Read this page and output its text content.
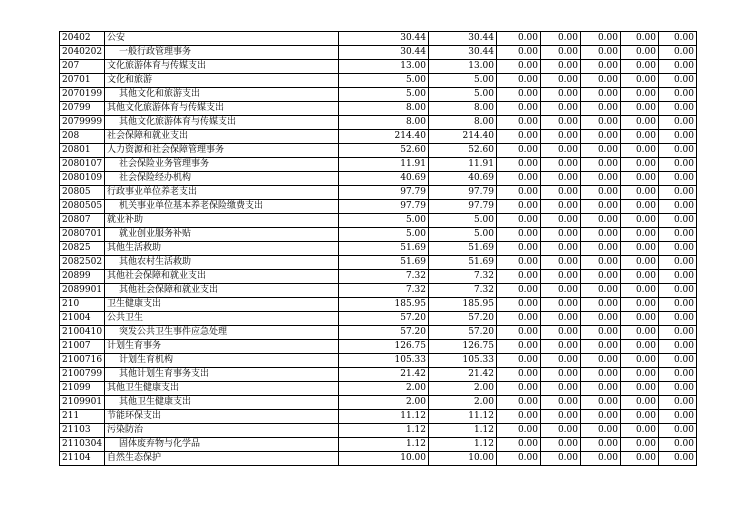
20402	公安	30.44	30.44	0.00	0.00	0.00	0.00	0.00
2040202	一般行政管理事务	30.44	30.44	0.00	0.00	0.00	0.00	0.00
207	文化旅游体育与传媒支出	13.00	13.00	0.00	0.00	0.00	0.00	0.00
20701	文化和旅游	5.00	5.00	0.00	0.00	0.00	0.00	0.00
2070199	其他文化和旅游支出	5.00	5.00	0.00	0.00	0.00	0.00	0.00
20799	其他文化旅游体育与传媒支出	8.00	8.00	0.00	0.00	0.00	0.00	0.00
2079999	其他文化旅游体育与传媒支出	8.00	8.00	0.00	0.00	0.00	0.00	0.00
208	社会保障和就业支出	214.40	214.40	0.00	0.00	0.00	0.00	0.00
20801	人力资源和社会保障管理事务	52.60	52.60	0.00	0.00	0.00	0.00	0.00
2080107	社会保险业务管理事务	11.91	11.91	0.00	0.00	0.00	0.00	0.00
2080109	社会保险经办机构	40.69	40.69	0.00	0.00	0.00	0.00	0.00
20805	行政事业单位养老支出	97.79	97.79	0.00	0.00	0.00	0.00	0.00
2080505	机关事业单位基本养老保险缴费支出	97.79	97.79	0.00	0.00	0.00	0.00	0.00
20807	就业补助	5.00	5.00	0.00	0.00	0.00	0.00	0.00
2080701	就业创业服务补贴	5.00	5.00	0.00	0.00	0.00	0.00	0.00
20825	其他生活救助	51.69	51.69	0.00	0.00	0.00	0.00	0.00
2082502	其他农村生活救助	51.69	51.69	0.00	0.00	0.00	0.00	0.00
20899	其他社会保障和就业支出	7.32	7.32	0.00	0.00	0.00	0.00	0.00
2089901	其他社会保障和就业支出	7.32	7.32	0.00	0.00	0.00	0.00	0.00
210	卫生健康支出	185.95	185.95	0.00	0.00	0.00	0.00	0.00
21004	公共卫生	57.20	57.20	0.00	0.00	0.00	0.00	0.00
2100410	突发公共卫生事件应急处理	57.20	57.20	0.00	0.00	0.00	0.00	0.00
21007	计划生育事务	126.75	126.75	0.00	0.00	0.00	0.00	0.00
2100716	计划生育机构	105.33	105.33	0.00	0.00	0.00	0.00	0.00
2100799	其他计划生育事务支出	21.42	21.42	0.00	0.00	0.00	0.00	0.00
21099	其他卫生健康支出	2.00	2.00	0.00	0.00	0.00	0.00	0.00
2109901	其他卫生健康支出	2.00	2.00	0.00	0.00	0.00	0.00	0.00
211	节能环保支出	11.12	11.12	0.00	0.00	0.00	0.00	0.00
21103	污染防治	1.12	1.12	0.00	0.00	0.00	0.00	0.00
2110304	固体废弃物与化学品	1.12	1.12	0.00	0.00	0.00	0.00	0.00
21104	自然生态保护	10.00	10.00	0.00	0.00	0.00	0.00	0.00
